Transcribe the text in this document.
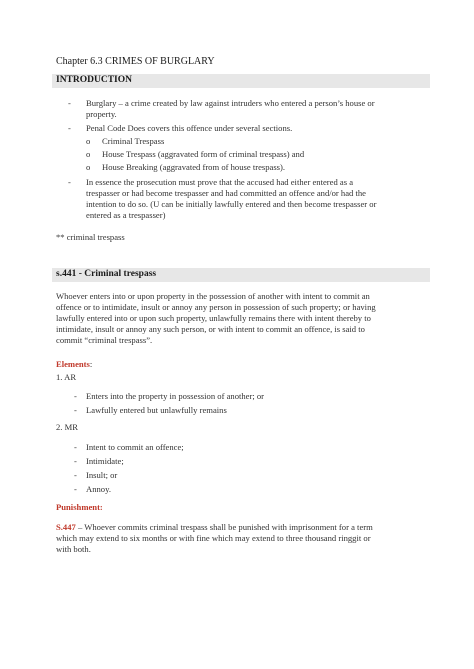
Chapter 6.3 CRIMES OF BURGLARY
INTRODUCTION
- Burglary – a crime created by law against intruders who entered a person’s house or
property.
- Penal Code Does covers this offence under several sections.
o Criminal Trespass
o House Trespass (aggravated form of criminal trespass) and
o House Breaking (aggravated from of house trespass).
- In essence the prosecution must prove that the accused had either entered as a
trespasser or had become trespasser and had committed an offence and/or had the
intention to do so. (U can be initially lawfully entered and then become trespasser or
entered as a trespasser)
** criminal trespass
s.441 - Criminal trespass
Whoever enters into or upon property in the possession of another with intent to commit an
offence or to intimidate, insult or annoy any person in possession of such property; or having
lawfully entered into or upon such property, unlawfully remains there with intent thereby to
intimidate, insult or annoy any such person, or with intent to commit an offence, is said to
commit “criminal trespass”.
Elements:
1. AR
- Enters into the property in possession of another; or
- Lawfully entered but unlawfully remains
2. MR
- Intent to commit an offence;
- Intimidate;
- Insult; or
- Annoy.
Punishment:
S.447 – Whoever commits criminal trespass shall be punished with imprisonment for a term
which may extend to six months or with fine which may extend to three thousand ringgit or
with both.
